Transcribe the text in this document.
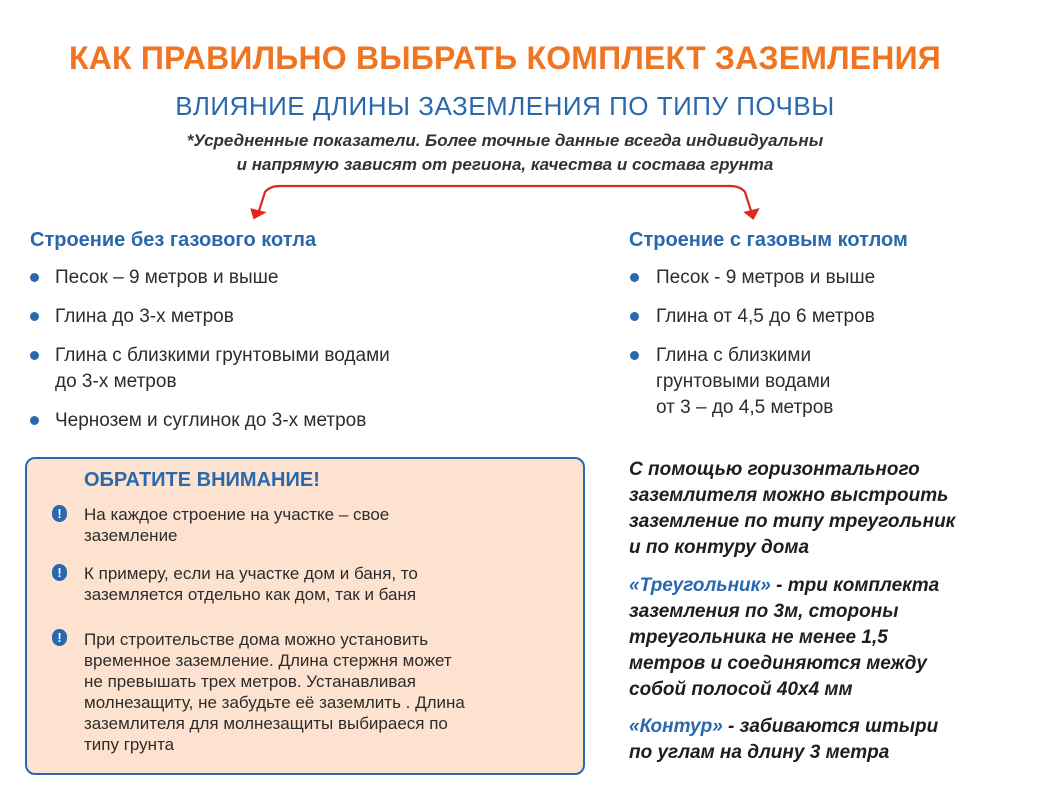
КАК ПРАВИЛЬНО ВЫБРАТЬ КОМПЛЕКТ ЗАЗЕМЛЕНИЯ
ВЛИЯНИЕ ДЛИНЫ ЗАЗЕМЛЕНИЯ ПО ТИПУ ПОЧВЫ
*Усредненные показатели. Более точные данные всегда индивидуальны
и напрямую зависят от региона, качества и состава грунта
Строение без газового котла
Песок – 9 метров и выше
Глина до 3-х метров
Глина с близкими грунтовыми водами
до 3-х метров
Чернозем и суглинок до 3-х метров
Строение с газовым котлом
Песок - 9 метров и выше
Глина от 4,5 до 6 метров
Глина с близкими
грунтовыми водами
от 3 – до 4,5 метров
ОБРАТИТЕ ВНИМАНИЕ!
!
На каждое строение на участке – свое
заземление
!
К примеру, если на участке дом и баня, то
заземляется отдельно как дом, так и баня
!
При строительстве дома можно установить
временное заземление. Длина стержня может
не превышать трех метров. Устанавливая
молнезащиту, не забудьте её заземлить . Длина
заземлителя для молнезащиты выбираеся по
типу грунта
С помощью горизонтального
заземлителя можно выстроить
заземление по типу треугольник
и по контуру дома
«Треугольник» - три комплекта
заземления по 3м, стороны
треугольника не менее 1,5
метров и соединяются между
собой полосой 40х4 мм
«Контур» - забиваются штыри
по углам на длину 3 метра
